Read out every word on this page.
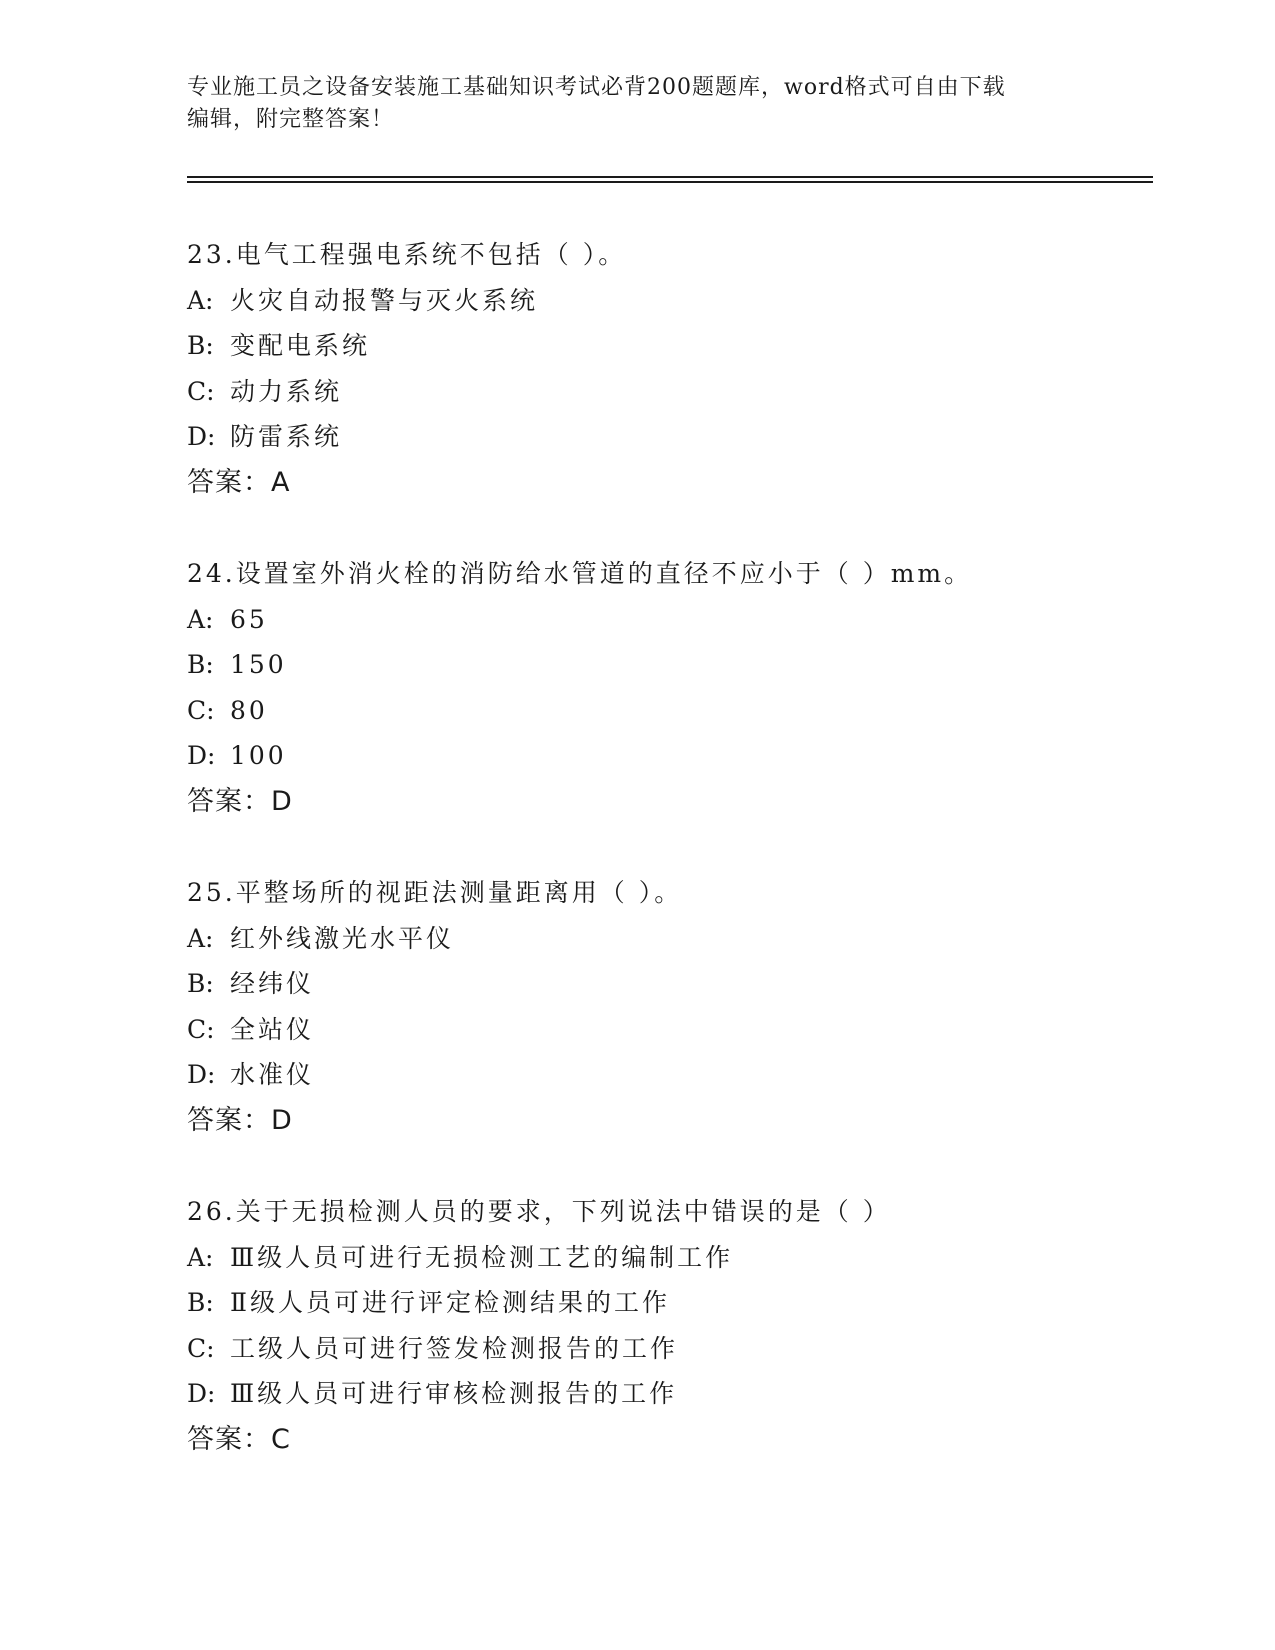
专业施工员之设备安装施工基础知识考试必背200题题库，word格式可自由下载
编辑，附完整答案！
23.电气工程强电系统不包括（ ）。
A: 火灾自动报警与灭火系统
B: 变配电系统
C: 动力系统
D: 防雷系统
答案：A
24.设置室外消火栓的消防给水管道的直径不应小于（ ）mm。
A: 65
B: 150
C: 80
D: 100
答案：D
25.平整场所的视距法测量距离用（ ）。
A: 红外线激光水平仪
B: 经纬仪
C: 全站仪
D: 水准仪
答案：D
26.关于无损检测人员的要求，下列说法中错误的是（ ）
A: Ⅲ级人员可进行无损检测工艺的编制工作
B: Ⅱ级人员可进行评定检测结果的工作
C: 工级人员可进行签发检测报告的工作
D: Ⅲ级人员可进行审核检测报告的工作
答案：C
